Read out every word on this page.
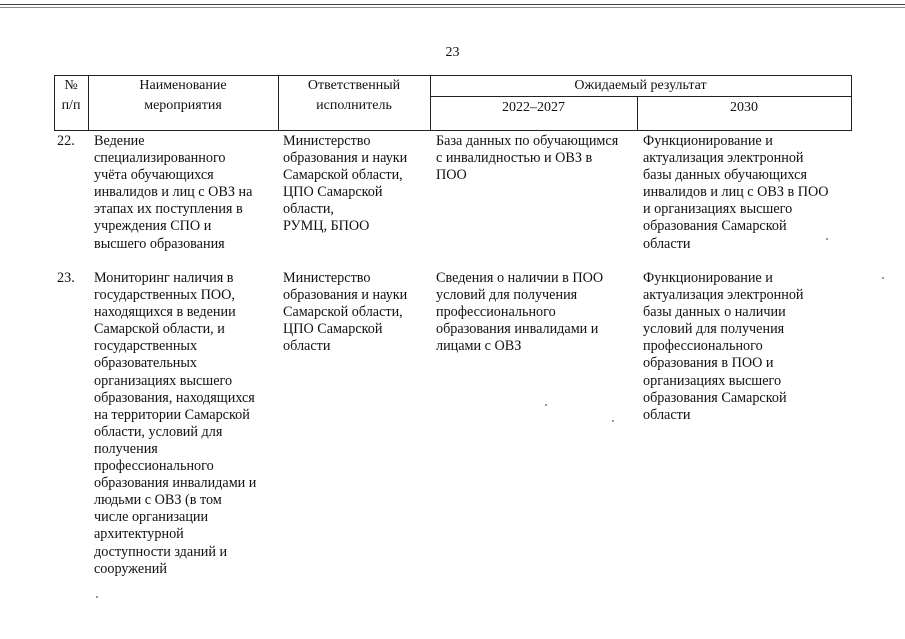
23
№
п/п
Наименование
мероприятия
Ответственный
исполнитель
Ожидаемый результат
2022–2027	2030
22. Ведение
специализированного
учёта обучающихся
инвалидов и лиц с ОВЗ на
этапах их поступления в
учреждения СПО и
высшего образования
Министерство
образования и науки
Самарской области,
ЦПО Самарской
области,
РУМЦ, БПОО
База данных по обучающимся
с инвалидностью и ОВЗ в
ПОО
Функционирование и
актуализация электронной
базы данных обучающихся
инвалидов и лиц с ОВЗ в ПОО
и организациях высшего
образования Самарской
области
23. Мониторинг наличия в
государственных ПОО,
находящихся в ведении
Самарской области, и
государственных
образовательных
организациях высшего
образования, находящихся
на территории Самарской
области, условий для
получения
профессионального
образования инвалидами и
людьми с ОВЗ (в том
числе организации
архитектурной
доступности зданий и
сооружений
Министерство
образования и науки
Самарской области,
ЦПО Самарской
области
Сведения о наличии в ПОО
условий для получения
профессионального
образования инвалидами и
лицами с ОВЗ
Функционирование и
актуализация электронной
базы данных о наличии
условий для получения
профессионального
образования в ПОО и
организациях высшего
образования Самарской
области
